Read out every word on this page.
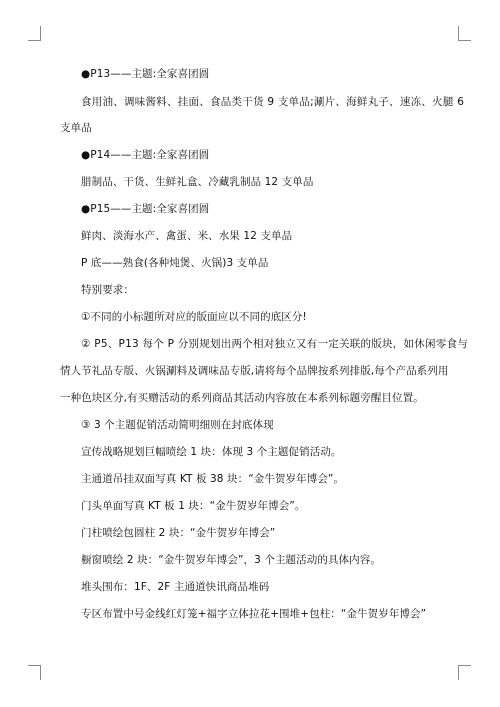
●P13——主题:全家喜团圆
食用油、调味酱料、挂面、食品类干货 9 支单品;涮片、海鲜丸子、速冻、火腿 6
支单品
●P14——主题:全家喜团圆
腊制品、干货、生鲜礼盒、冷藏乳制品 12 支单品
●P15——主题:全家喜团圆
鲜肉、淡海水产、禽蛋、米、水果 12 支单品
P 底——熟食(各种炖煲、火锅)3 支单品
特别要求：
①不同的小标题所对应的版面应以不同的底区分!
② P5、P13 每个 P 分别规划出两个相对独立又有一定关联的版块，如休闲零食与
情人节礼品专版、火锅涮料及调味品专版,请将每个品牌按系列排版,每个产品系列用
一种色块区分,有买赠活动的系列商品其活动内容放在本系列标题旁醒目位置。
③ 3 个主题促销活动简明细则在封底体现
宣传战略规划巨幅喷绘 1 块：体现 3 个主题促销活动。
主通道吊挂双面写真 KT 板 38 块：“金牛贺岁年博会”。
门头单面写真 KT 板 1 块：“金牛贺岁年博会”。
门柱喷绘包圆柱 2 块：“金牛贺岁年博会”
橱窗喷绘 2 块：“金牛贺岁年博会”，3 个主题活动的具体内容。
堆头围布：1F、2F 主通道快讯商品堆码
专区布置中号金线红灯笼+福字立体拉花+围堆+包柱：“金牛贺岁年博会”
